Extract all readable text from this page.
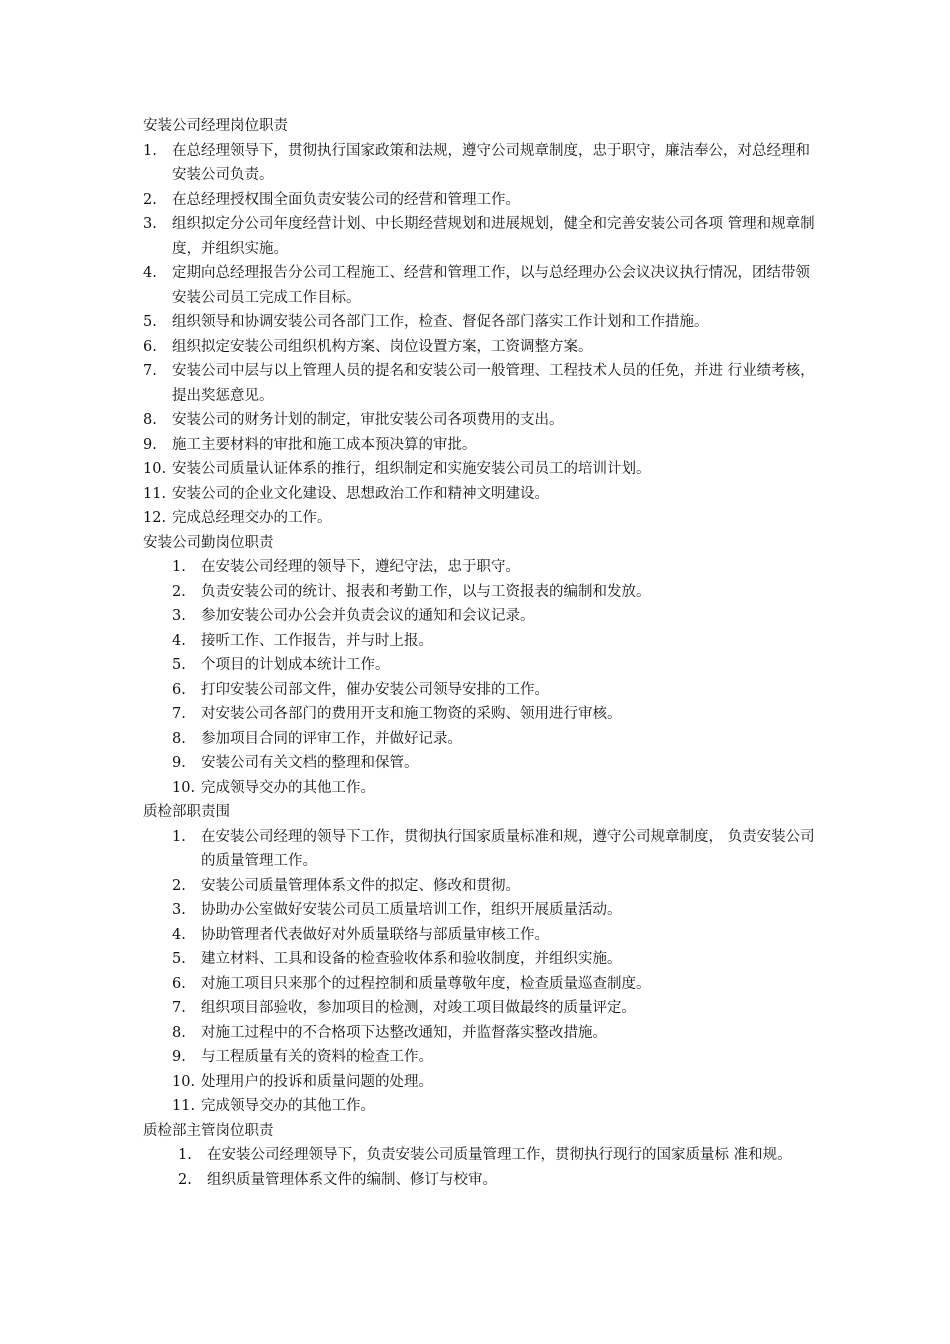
安装公司经理岗位职责
1.	在总经理领导下，贯彻执行国家政策和法规，遵守公司规章制度，忠于职守，廉洁奉公，对总经理和安装公司负责。
2.	在总经理授权围全面负责安装公司的经营和管理工作。
3.	组织拟定分公司年度经营计划、中长期经营规划和进展规划，健全和完善安装公司各项 管理和规章制度，并组织实施。
4.	定期向总经理报告分公司工程施工、经营和管理工作，以与总经理办公会议决议执行情况，团结带领安装公司员工完成工作目标。
5.	组织领导和协调安装公司各部门工作，检查、督促各部门落实工作计划和工作措施。
6.	组织拟定安装公司组织机构方案、岗位设置方案，工资调整方案。
7.	安装公司中层与以上管理人员的提名和安装公司一般管理、工程技术人员的任免，并进 行业绩考核，提出奖惩意见。
8.	安装公司的财务计划的制定，审批安装公司各项费用的支出。
9.	施工主要材料的审批和施工成本预决算的审批。
10. 安装公司质量认证体系的推行，组织制定和实施安装公司员工的培训计划。
11. 安装公司的企业文化建设、思想政治工作和精神文明建设。
12. 完成总经理交办的工作。
安装公司勤岗位职责
1.	在安装公司经理的领导下，遵纪守法，忠于职守。
2.	负责安装公司的统计、报表和考勤工作，以与工资报表的编制和发放。
3.	参加安装公司办公会并负责会议的通知和会议记录。
4.	接听工作、工作报告，并与时上报。
5.	个项目的计划成本统计工作。
6.	打印安装公司部文件，催办安装公司领导安排的工作。
7.	对安装公司各部门的费用开支和施工物资的采购、领用进行审核。
8.	参加项目合同的评审工作，并做好记录。
9.	安装公司有关文档的整理和保管。
10. 完成领导交办的其他工作。
质检部职责围
1.	在安装公司经理的领导下工作，贯彻执行国家质量标准和规，遵守公司规章制度， 负责安装公司的质量管理工作。
2.	安装公司质量管理体系文件的拟定、修改和贯彻。
3.	协助办公室做好安装公司员工质量培训工作，组织开展质量活动。
4.	协助管理者代表做好对外质量联络与部质量审核工作。
5.	建立材料、工具和设备的检查验收体系和验收制度，并组织实施。
6.	对施工项目只来那个的过程控制和质量尊敬年度，检查质量巡查制度。
7.	组织项目部验收，参加项目的检测，对竣工项目做最终的质量评定。
8.	对施工过程中的不合格项下达整改通知，并监督落实整改措施。
9.	与工程质量有关的资料的检查工作。
10. 处理用户的投诉和质量问题的处理。
11. 完成领导交办的其他工作。
质检部主管岗位职责
1.	在安装公司经理领导下，负责安装公司质量管理工作，贯彻执行现行的国家质量标 准和规。
2.	组织质量管理体系文件的编制、修订与校审。
